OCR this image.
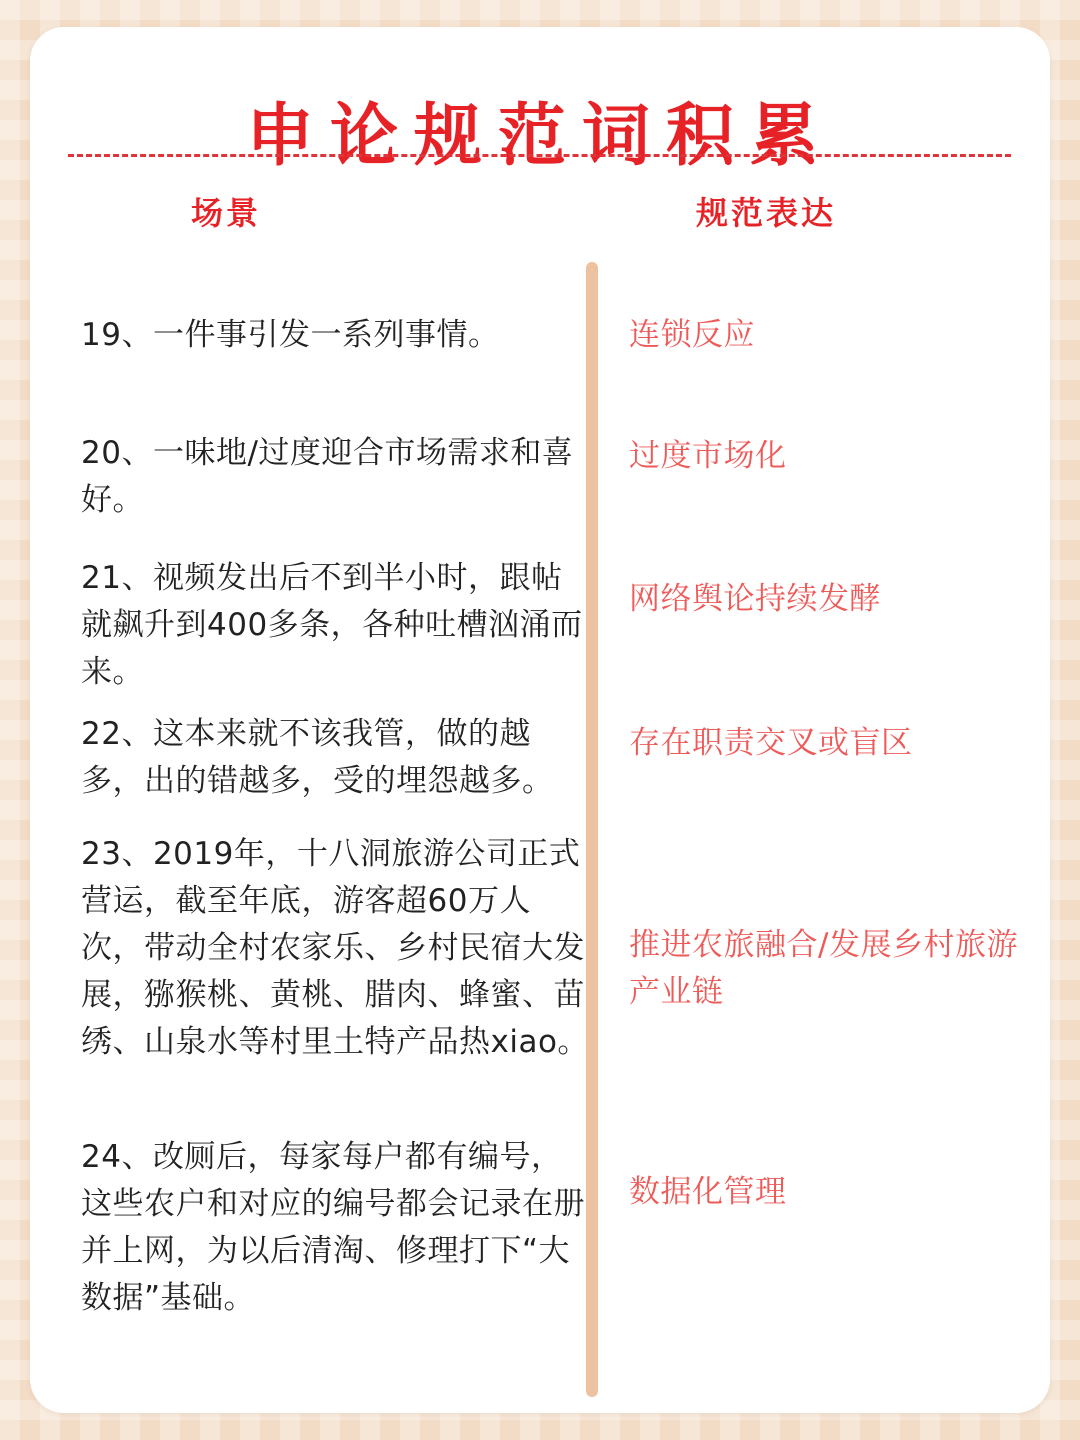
申论规范词积累
场景	规范表达
19、一件事引发一系列事情。	连锁反应
20、一味地/过度迎合市场需求和喜好。
过度市场化
21、视频发出后不到半小时，跟帖就飙升到400多条，各种吐槽汹涌而来。
网络舆论持续发酵
22、这本来就不该我管，做的越多，出的错越多，受的埋怨越多。
存在职责交叉或盲区
23、2019年，十八洞旅游公司正式营运，截至年底，游客超60万人次，带动全村农家乐、乡村民宿大发展，猕猴桃、黄桃、腊肉、蜂蜜、苗绣、山泉水等村里土特产品热xiao。
推进农旅融合/发展乡村旅游产业链
24、改厕后，每家每户都有编号，这些农户和对应的编号都会记录在册并上网，为以后清淘、修理打下“大数据”基础。
数据化管理
